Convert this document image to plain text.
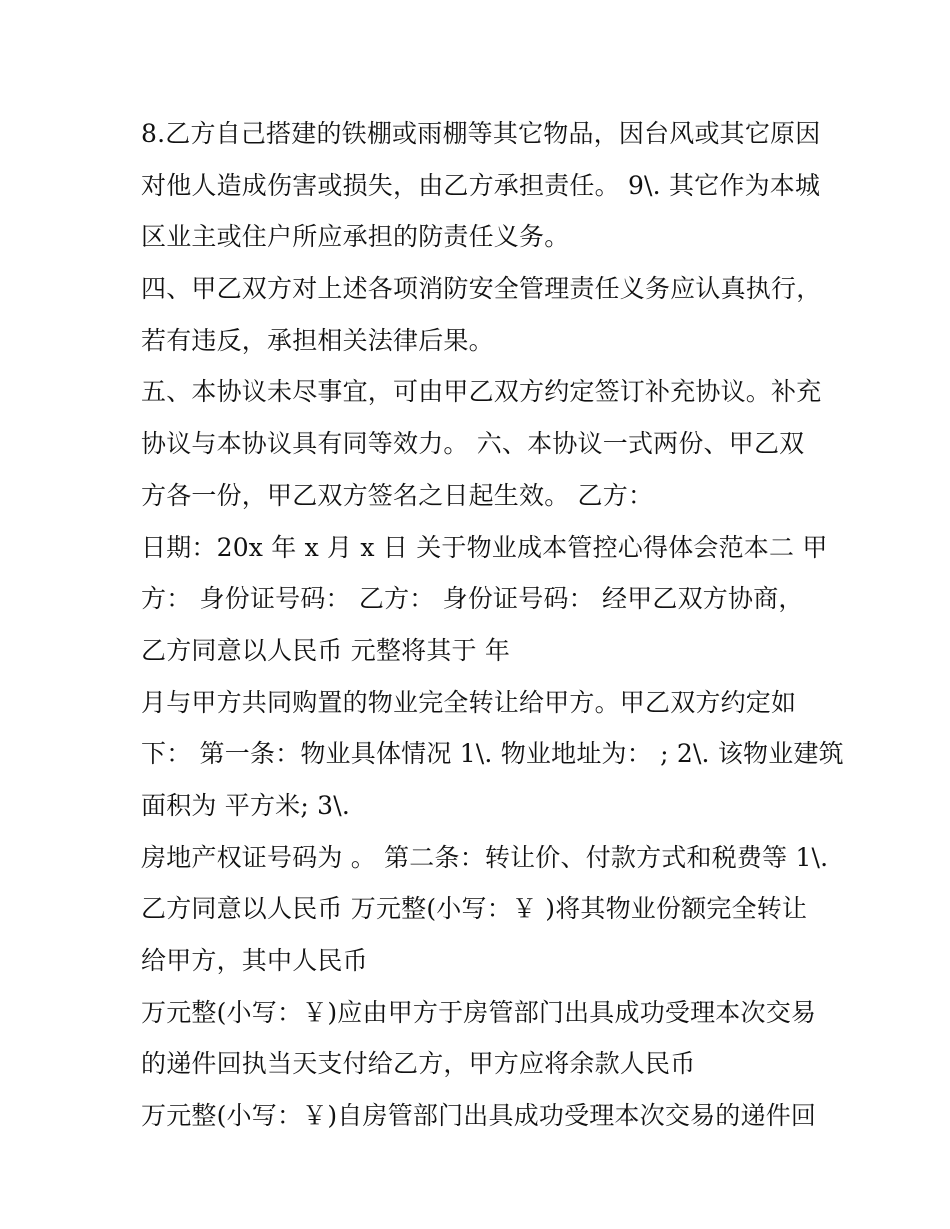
8.乙方自己搭建的铁棚或雨棚等其它物品，因台风或其它原因
对他人造成伤害或损失，由乙方承担责任。 9\. 其它作为本城
区业主或住户所应承担的防责任义务。
四、甲乙双方对上述各项消防安全管理责任义务应认真执行，
若有违反，承担相关法律后果。
五、本协议未尽事宜，可由甲乙双方约定签订补充协议。补充
协议与本协议具有同等效力。 六、本协议一式两份、甲乙双
方各一份，甲乙双方签名之日起生效。 乙方：
日期：20x 年 x 月 x 日 关于物业成本管控心得体会范本二 甲
方： 身份证号码： 乙方： 身份证号码： 经甲乙双方协商，
乙方同意以人民币 元整将其于 年
月与甲方共同购置的物业完全转让给甲方。甲乙双方约定如
下： 第一条：物业具体情况 1\. 物业地址为： ; 2\. 该物业建筑
面积为 平方米; 3\.
房地产权证号码为 。 第二条：转让价、付款方式和税费等 1\.
乙方同意以人民币 万元整(小写：￥ )将其物业份额完全转让
给甲方，其中人民币
万元整(小写：￥)应由甲方于房管部门出具成功受理本次交易
的递件回执当天支付给乙方，甲方应将余款人民币
万元整(小写：￥)自房管部门出具成功受理本次交易的递件回
